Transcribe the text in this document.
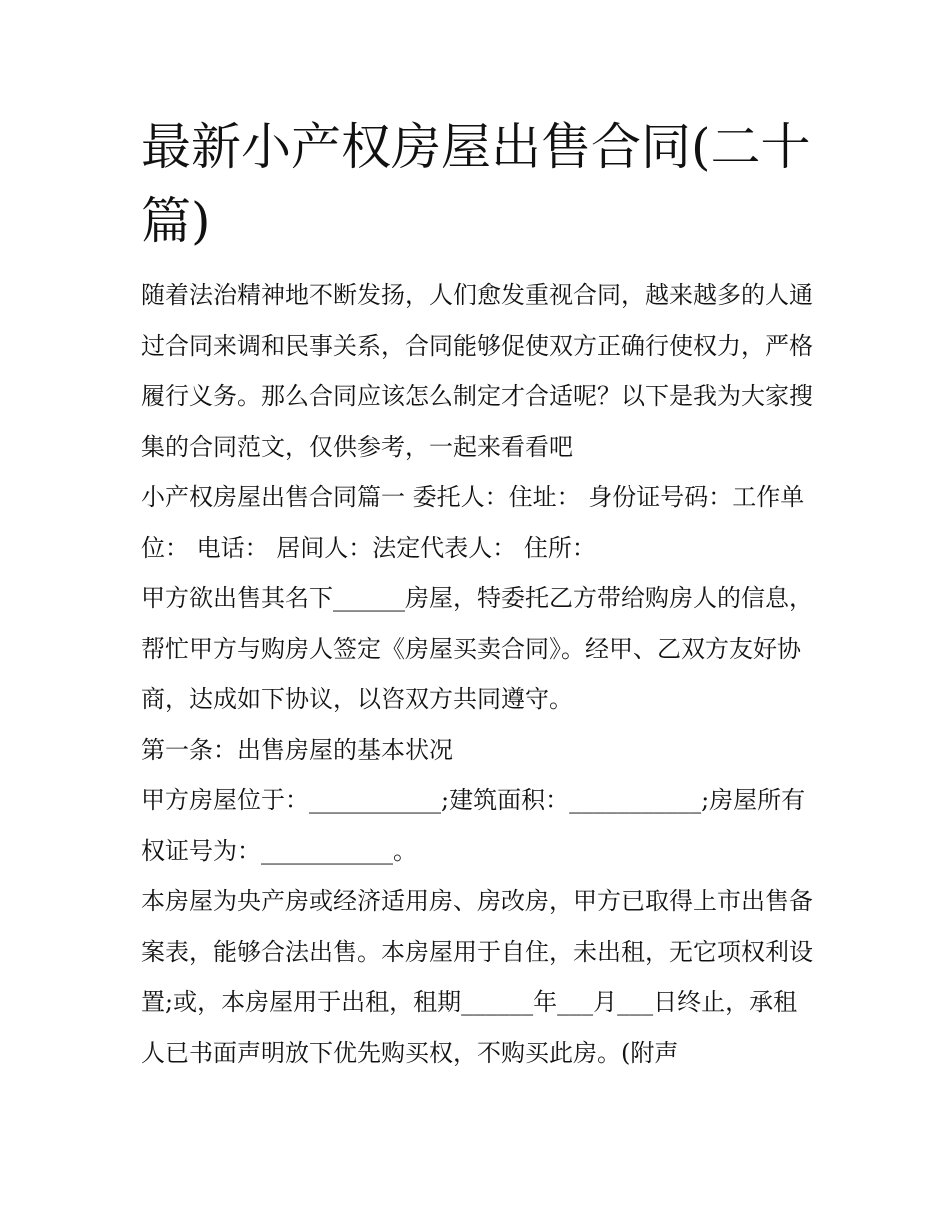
最新小产权房屋出售合同(二十篇)

随着法治精神地不断发扬，人们愈发重视合同，越来越多的人通过合同来调和民事关系，合同能够促使双方正确行使权力，严格履行义务。那么合同应该怎么制定才合适呢？以下是我为大家搜集的合同范文，仅供参考，一起来看看吧

小产权房屋出售合同篇一 委托人：住址： 身份证号码：工作单位： 电话： 居间人：法定代表人： 住所：

甲方欲出售其名下______房屋，特委托乙方带给购房人的信息，帮忙甲方与购房人签定《房屋买卖合同》。经甲、乙双方友好协商，达成如下协议，以咨双方共同遵守。

第一条：出售房屋的基本状况

甲方房屋位于：___________;建筑面积：___________;房屋所有权证号为：___________。

本房屋为央产房或经济适用房、房改房，甲方已取得上市出售备案表，能够合法出售。本房屋用于自住，未出租，无它项权利设置;或，本房屋用于出租，租期______年___月___日终止，承租人已书面声明放下优先购买权，不购买此房。(附声
